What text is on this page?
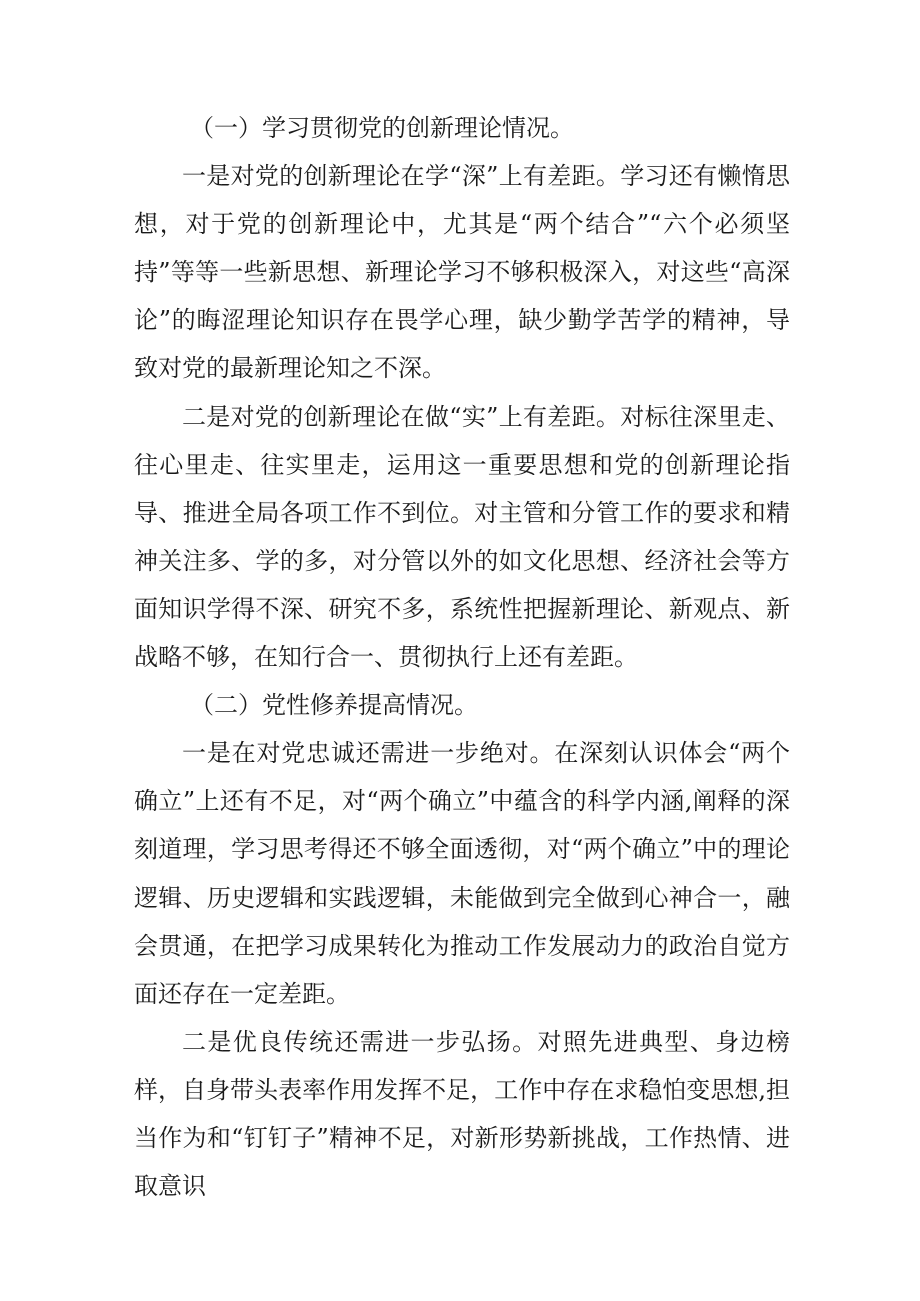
（一）学习贯彻党的创新理论情况。

一是对党的创新理论在学“深”上有差距。学习还有懒惰思想，对于党的创新理论中，尤其是“两个结合”“六个必须坚持”等等一些新思想、新理论学习不够积极深入，对这些“高深论”的晦涩理论知识存在畏学心理，缺少勤学苦学的精神，导致对党的最新理论知之不深。

二是对党的创新理论在做“实”上有差距。对标往深里走、往心里走、往实里走，运用这一重要思想和党的创新理论指导、推进全局各项工作不到位。对主管和分管工作的要求和精神关注多、学的多，对分管以外的如文化思想、经济社会等方面知识学得不深、研究不多，系统性把握新理论、新观点、新战略不够，在知行合一、贯彻执行上还有差距。

（二）党性修养提高情况。

一是在对党忠诚还需进一步绝对。在深刻认识体会“两个确立”上还有不足，对“两个确立”中蕴含的科学内涵,阐释的深刻道理，学习思考得还不够全面透彻，对“两个确立”中的理论逻辑、历史逻辑和实践逻辑，未能做到完全做到心神合一，融会贯通，在把学习成果转化为推动工作发展动力的政治自觉方面还存在一定差距。

二是优良传统还需进一步弘扬。对照先进典型、身边榜样，自身带头表率作用发挥不足，工作中存在求稳怕变思想,担当作为和“钉钉子”精神不足，对新形势新挑战，工作热情、进取意识
